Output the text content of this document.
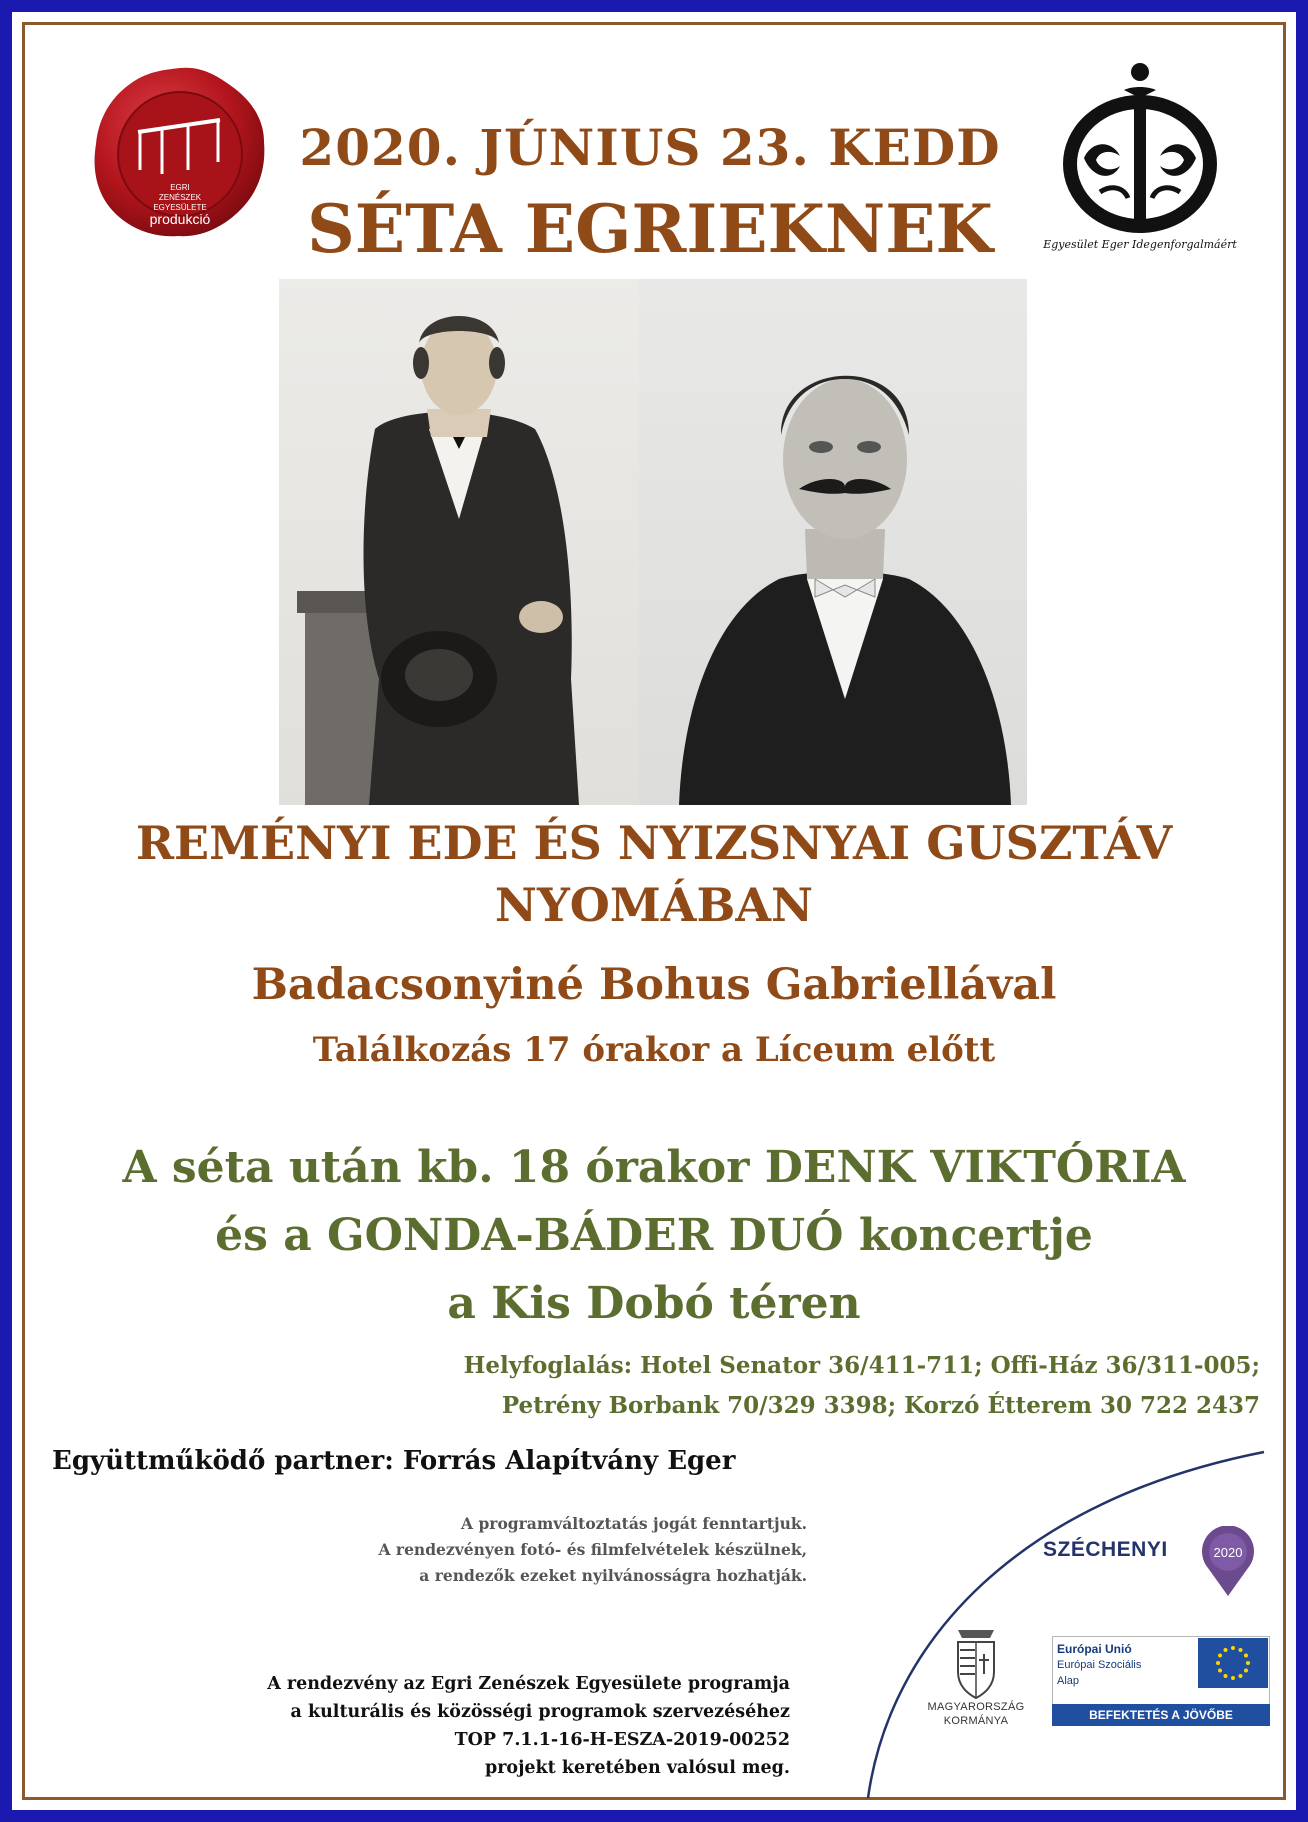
EGRI
ZENÉSZEK
EGYESÜLETE
produkció
Egyesület Eger Idegenforgalmáért
2020. JÚNIUS 23. KEDD
SÉTA EGRIEKNEK
REMÉNYI EDE ÉS NYIZSNYAI GUSZTÁV
NYOMÁBAN
Badacsonyiné Bohus Gabriellával
Találkozás 17 órakor a Líceum előtt
A séta után kb. 18 órakor DENK VIKTÓRIA
és a GONDA-BÁDER DUÓ koncertje
a Kis Dobó téren
Helyfoglalás: Hotel Senator 36/411-711; Offi-Ház 36/311-005;
Petrény Borbank 70/329 3398; Korzó Étterem 30 722 2437
Együttműködő partner: Forrás Alapítvány Eger
A programváltoztatás jogát fenntartjuk.
A rendezvényen fotó- és filmfelvételek készülnek,
a rendezők ezeket nyilvánosságra hozhatják.
A rendezvény az Egri Zenészek Egyesülete programja
a kulturális és közösségi programok szervezéséhez
TOP 7.1.1-16-H-ESZA-2019-00252
projekt keretében valósul meg.
SZÉCHENYI	2020
MAGYARORSZÁG
KORMÁNYA
Európai Unió
Európai Szociális
Alap
BEFEKTETÉS A JÖVŐBE
